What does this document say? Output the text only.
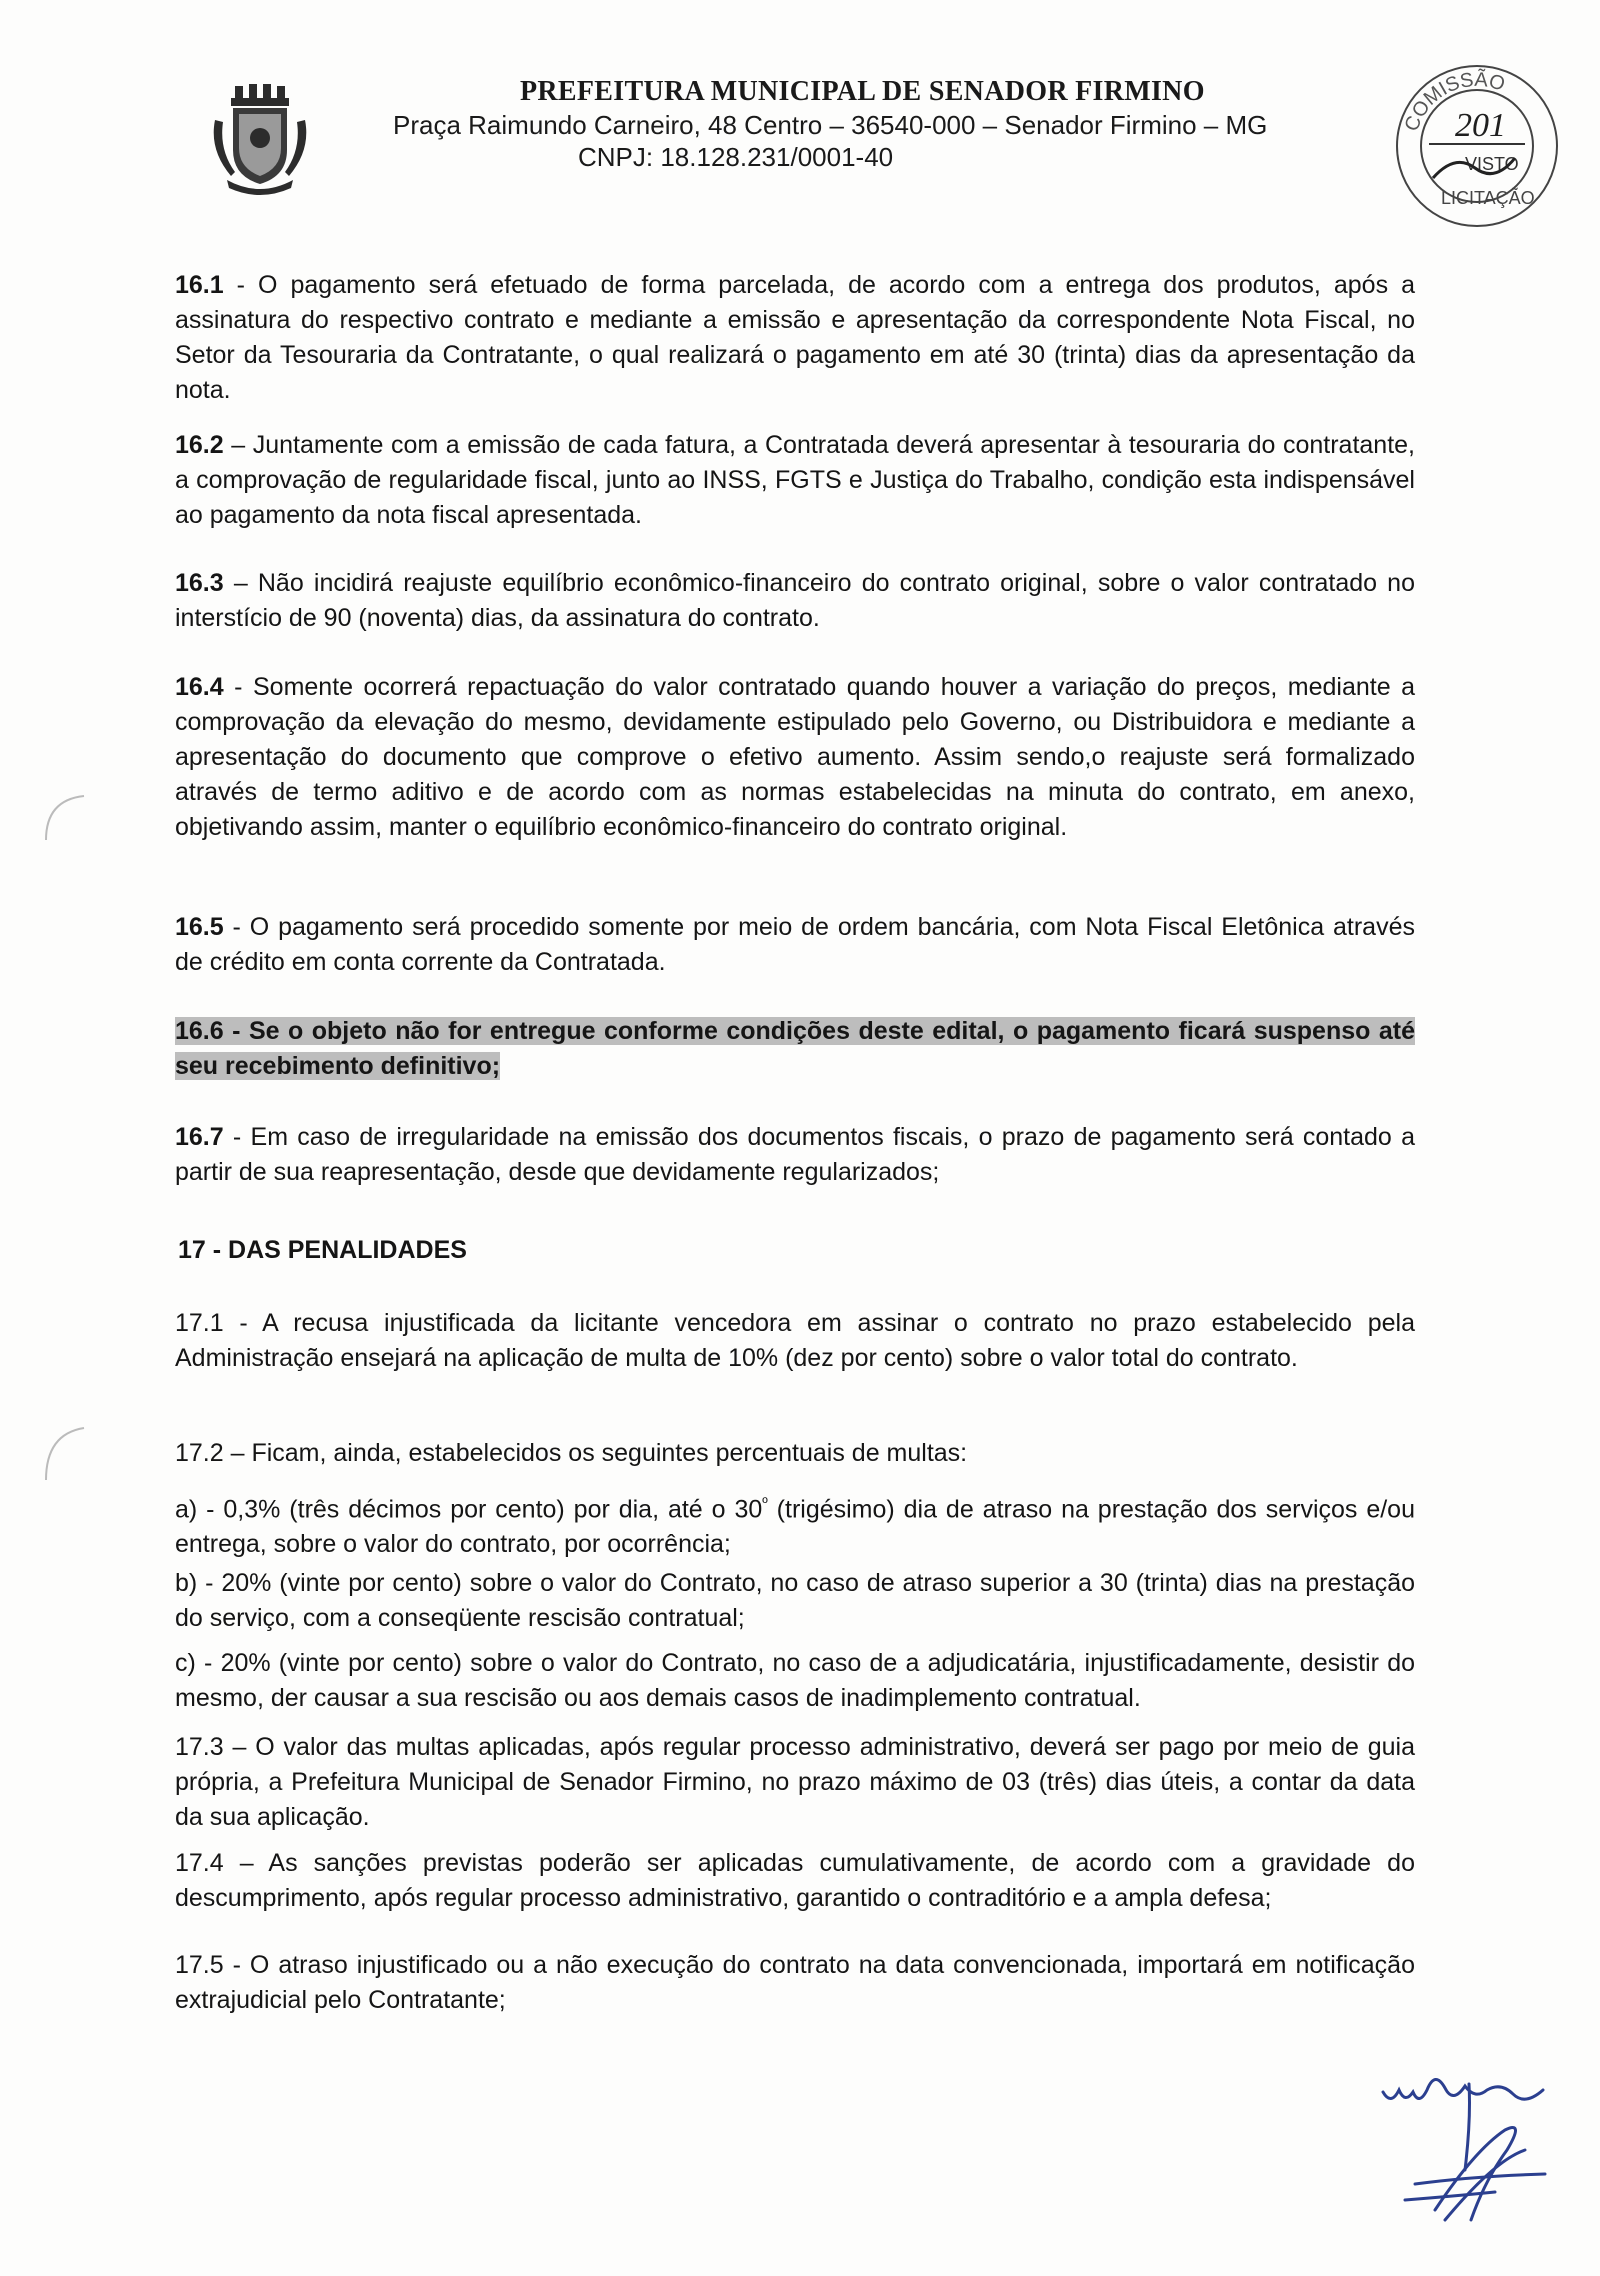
PREFEITURA MUNICIPAL DE SENADOR FIRMINO
Praça Raimundo Carneiro, 48 Centro – 36540-000 – Senador Firmino – MG
CNPJ: 18.128.231/0001-40
COMISSÃO
201
VISTO
LICITAÇÃO

16.1 - O pagamento será efetuado de forma parcelada, de acordo com a entrega dos produtos, após a assinatura do respectivo contrato e mediante a emissão e apresentação da correspondente Nota Fiscal, no Setor da Tesouraria da Contratante, o qual realizará o pagamento em até 30 (trinta) dias da apresentação da nota.

16.2 – Juntamente com a emissão de cada fatura, a Contratada deverá apresentar à tesouraria do contratante, a comprovação de regularidade fiscal, junto ao INSS, FGTS e Justiça do Trabalho, condição esta indispensável ao pagamento da nota fiscal apresentada.

16.3 – Não incidirá reajuste equilíbrio econômico-financeiro do contrato original, sobre o valor contratado no interstício de 90 (noventa) dias, da assinatura do contrato.

16.4 - Somente ocorrerá repactuação do valor contratado quando houver a variação do preços, mediante a comprovação da elevação do mesmo, devidamente estipulado pelo Governo, ou Distribuidora e mediante a apresentação do documento que comprove o efetivo aumento. Assim sendo,o reajuste será formalizado através de termo aditivo e de acordo com as normas estabelecidas na minuta do contrato, em anexo, objetivando assim, manter o equilíbrio econômico-financeiro do contrato original.

16.5 - O pagamento será procedido somente por meio de ordem bancária, com Nota Fiscal Eletônica através de crédito em conta corrente da Contratada.

16.6 - Se o objeto não for entregue conforme condições deste edital, o pagamento ficará suspenso até seu recebimento definitivo;

16.7 - Em caso de irregularidade na emissão dos documentos fiscais, o prazo de pagamento será contado a partir de sua reapresentação, desde que devidamente regularizados;

17 - DAS PENALIDADES

17.1 - A recusa injustificada da licitante vencedora em assinar o contrato no prazo estabelecido pela Administração ensejará na aplicação de multa de 10% (dez por cento) sobre o valor total do contrato.

17.2 – Ficam, ainda, estabelecidos os seguintes percentuais de multas:

a) - 0,3% (três décimos por cento) por dia, até o $30^º$ (trigésimo) dia de atraso na prestação dos serviços e/ou entrega, sobre o valor do contrato, por ocorrência;

b) - 20% (vinte por cento) sobre o valor do Contrato, no caso de atraso superior a 30 (trinta) dias na prestação do serviço, com a conseqüente rescisão contratual;

c) - 20% (vinte por cento) sobre o valor do Contrato, no caso de a adjudicatária, injustificadamente, desistir do mesmo, der causar a sua rescisão ou aos demais casos de inadimplemento contratual.

17.3 – O valor das multas aplicadas, após regular processo administrativo, deverá ser pago por meio de guia própria, a Prefeitura Municipal de Senador Firmino, no prazo máximo de 03 (três) dias úteis, a contar da data da sua aplicação.

17.4 – As sanções previstas poderão ser aplicadas cumulativamente, de acordo com a gravidade do descumprimento, após regular processo administrativo, garantido o contraditório e a ampla defesa;

17.5 - O atraso injustificado ou a não execução do contrato na data convencionada, importará em notificação extrajudicial pelo Contratante;
